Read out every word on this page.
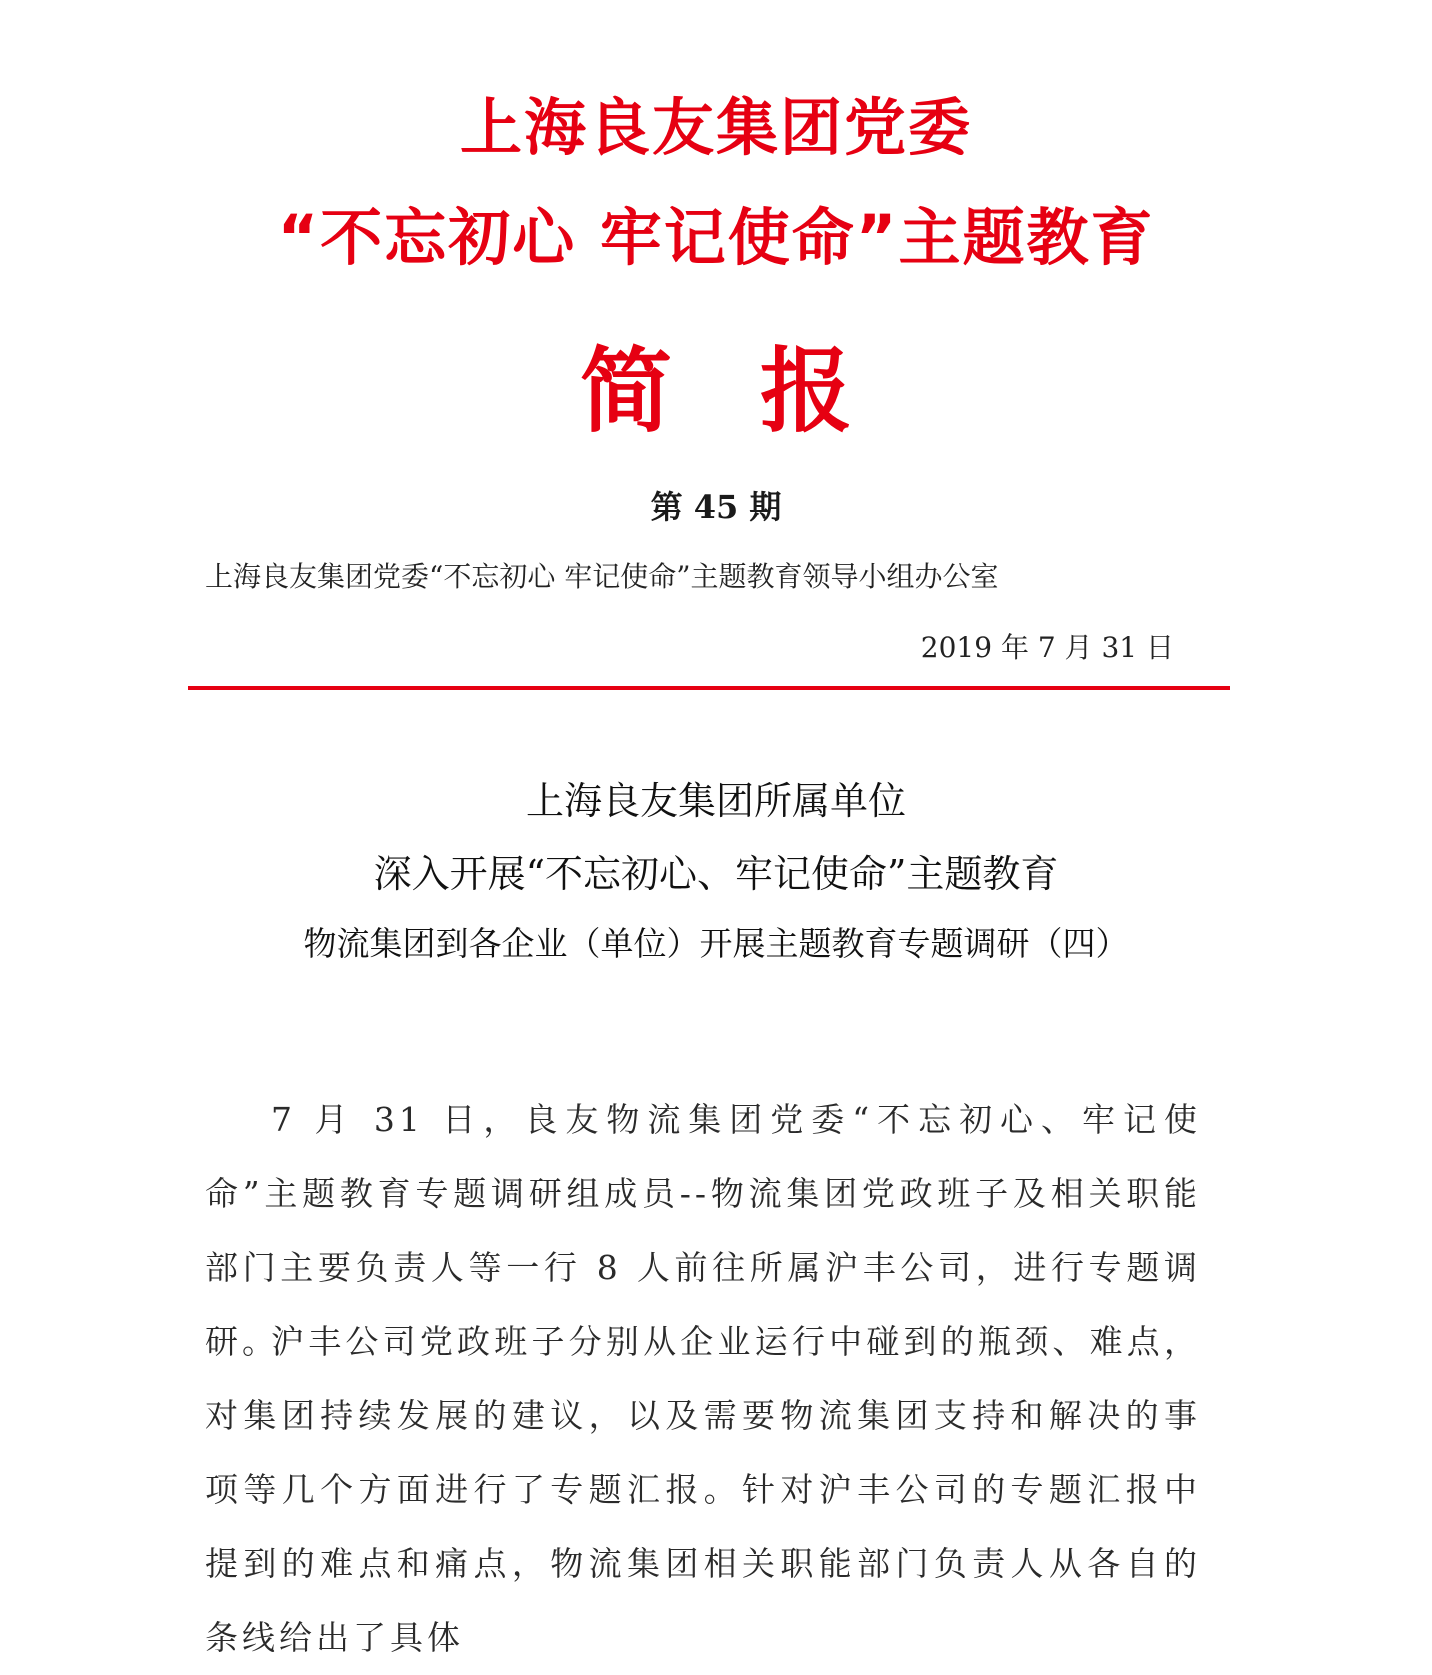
上海良友集团党委
“不忘初心 牢记使命”主题教育
简报
第 45 期
上海良友集团党委“不忘初心 牢记使命”主题教育领导小组办公室
2019 年 7 月 31 日
上海良友集团所属单位
深入开展“不忘初心、牢记使命”主题教育
物流集团到各企业（单位）开展主题教育专题调研（四）

7 月 31 日，良友物流集团党委“不忘初心、牢记使命”主题教育专题调研组成员--物流集团党政班子及相关职能部门主要负责人等一行 8 人前往所属沪丰公司，进行专题调研。

沪丰公司党政班子分别从企业运行中碰到的瓶颈、难点，对集团持续发展的建议，以及需要物流集团支持和解决的事项等几个方面进行了专题汇报。针对沪丰公司的专题汇报中提到的难点和痛点，物流集团相关职能部门负责人从各自的条线给出了具体
